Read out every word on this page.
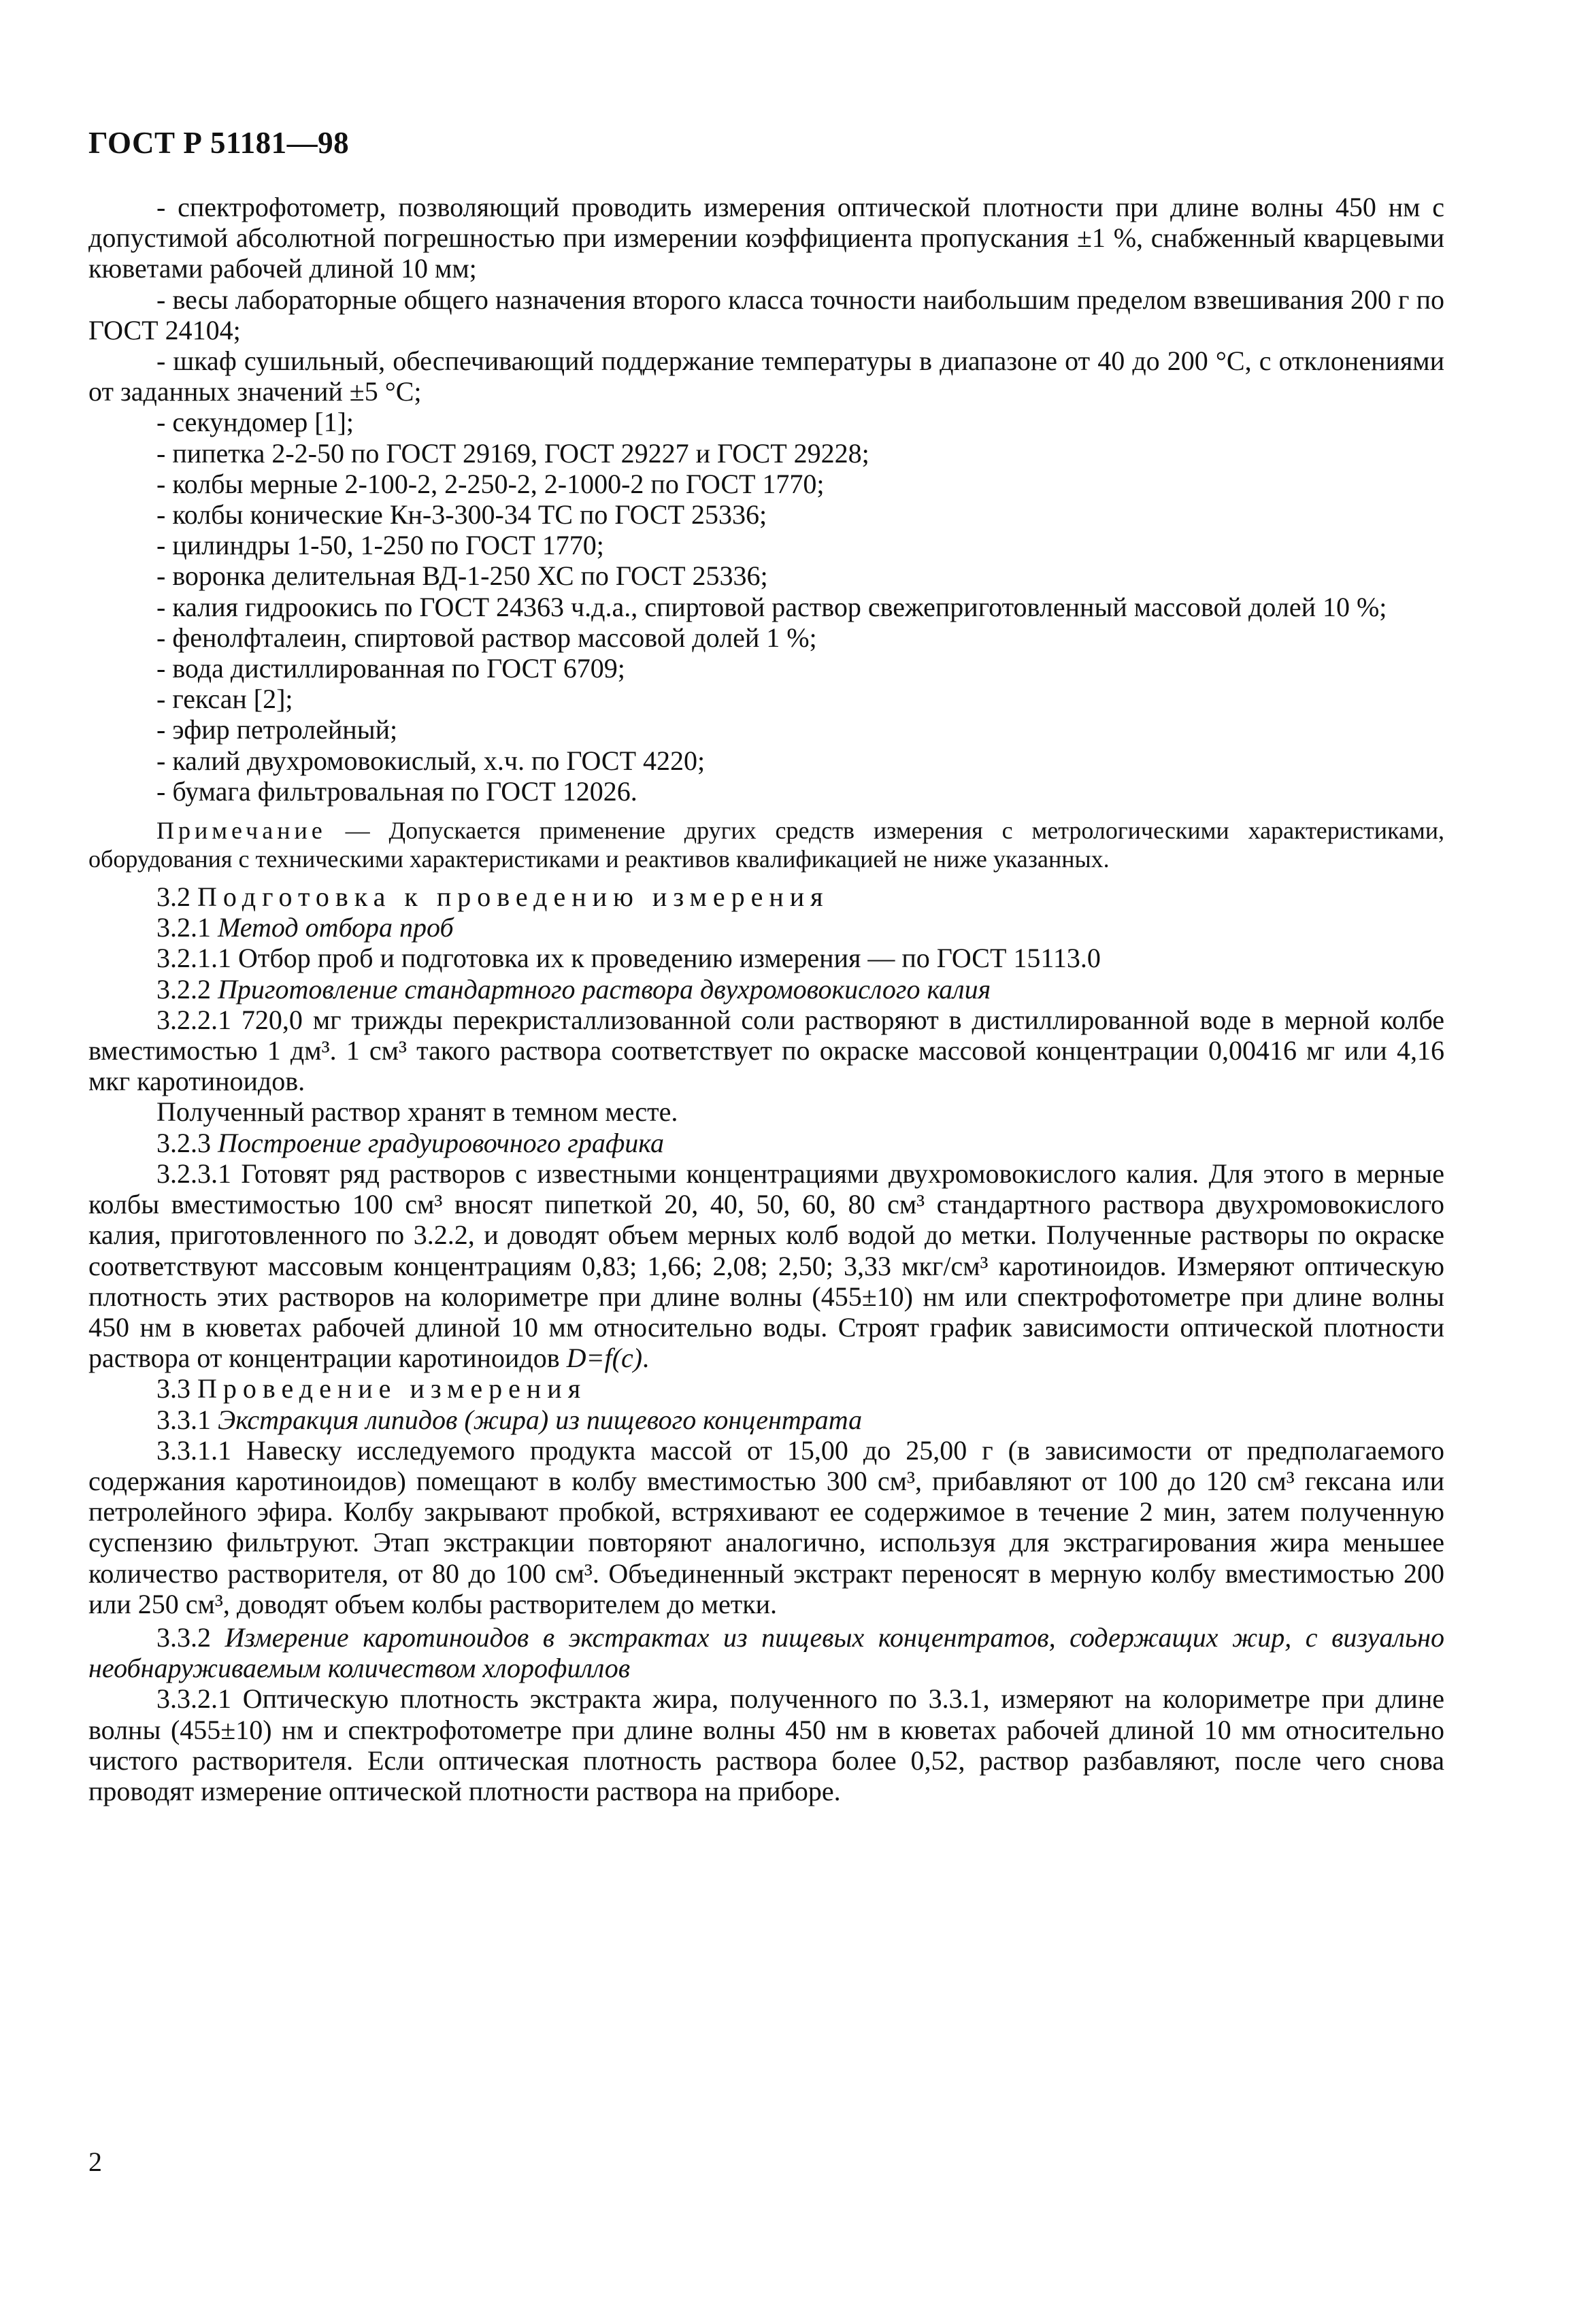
ГОСТ Р 51181—98

- спектрофотометр, позволяющий проводить измерения оптической плотности при длине волны 450 нм с допустимой абсолютной погрешностью при измерении коэффициента пропускания ±1 %, снабженный кварцевыми кюветами рабочей длиной 10 мм;

- весы лабораторные общего назначения второго класса точности наибольшим пределом взвешивания 200 г по ГОСТ 24104;

- шкаф сушильный, обеспечивающий поддержание температуры в диапазоне от 40 до 200 °С, с отклонениями от заданных значений ±5 °С;

- секундомер [1];

- пипетка 2-2-50 по ГОСТ 29169, ГОСТ 29227 и ГОСТ 29228;

- колбы мерные 2-100-2, 2-250-2, 2-1000-2 по ГОСТ 1770;

- колбы конические Кн-3-300-34 ТС по ГОСТ 25336;

- цилиндры 1-50, 1-250 по ГОСТ 1770;

- воронка делительная ВД-1-250 ХС по ГОСТ 25336;

- калия гидроокись по ГОСТ 24363 ч.д.а., спиртовой раствор свежеприготовленный массовой долей 10 %;

- фенолфталеин, спиртовой раствор массовой долей 1 %;

- вода дистиллированная по ГОСТ 6709;

- гексан [2];

- эфир петролейный;

- калий двухромовокислый, х.ч. по ГОСТ 4220;

- бумага фильтровальная по ГОСТ 12026.

Примечание — Допускается применение других средств измерения с метрологическими характеристиками, оборудования с техническими характеристиками и реактивов квалификацией не ниже указанных.

3.2 Подготовка к проведению измерения

3.2.1 Метод отбора проб

3.2.1.1 Отбор проб и подготовка их к проведению измерения — по ГОСТ 15113.0

3.2.2 Приготовление стандартного раствора двухромовокислого калия

3.2.2.1 720,0 мг трижды перекристаллизованной соли растворяют в дистиллированной воде в мерной колбе вместимостью 1 дм³. 1 см³ такого раствора соответствует по окраске массовой концентрации 0,00416 мг или 4,16 мкг каротиноидов.

Полученный раствор хранят в темном месте.

3.2.3 Построение градуировочного графика

3.2.3.1 Готовят ряд растворов с известными концентрациями двухромовокислого калия. Для этого в мерные колбы вместимостью 100 см³ вносят пипеткой 20, 40, 50, 60, 80 см³ стандартного раствора двухромовокислого калия, приготовленного по 3.2.2, и доводят объем мерных колб водой до метки. Полученные растворы по окраске соответствуют массовым концентрациям 0,83; 1,66; 2,08; 2,50; 3,33 мкг/см³ каротиноидов. Измеряют оптическую плотность этих растворов на колориметре при длине волны (455±10) нм или спектрофотометре при длине волны 450 нм в кюветах рабочей длиной 10 мм относительно воды. Строят график зависимости оптической плотности раствора от концентрации каротиноидов D=f(c).

3.3 Проведение измерения

3.3.1 Экстракция липидов (жира) из пищевого концентрата

3.3.1.1 Навеску исследуемого продукта массой от 15,00 до 25,00 г (в зависимости от предполагаемого содержания каротиноидов) помещают в колбу вместимостью 300 см³, прибавляют от 100 до 120 см³ гексана или петролейного эфира. Колбу закрывают пробкой, встряхивают ее содержимое в течение 2 мин, затем полученную суспензию фильтруют. Этап экстракции повторяют аналогично, используя для экстрагирования жира меньшее количество растворителя, от 80 до 100 см³. Объединенный экстракт переносят в мерную колбу вместимостью 200 или 250 см³, доводят объем колбы растворителем до метки.

3.3.2 Измерение каротиноидов в экстрактах из пищевых концентратов, содержащих жир, с визуально необнаруживаемым количеством хлорофиллов

3.3.2.1 Оптическую плотность экстракта жира, полученного по 3.3.1, измеряют на колориметре при длине волны (455±10) нм и спектрофотометре при длине волны 450 нм в кюветах рабочей длиной 10 мм относительно чистого растворителя. Если оптическая плотность раствора более 0,52, раствор разбавляют, после чего снова проводят измерение оптической плотности раствора на приборе.

2
